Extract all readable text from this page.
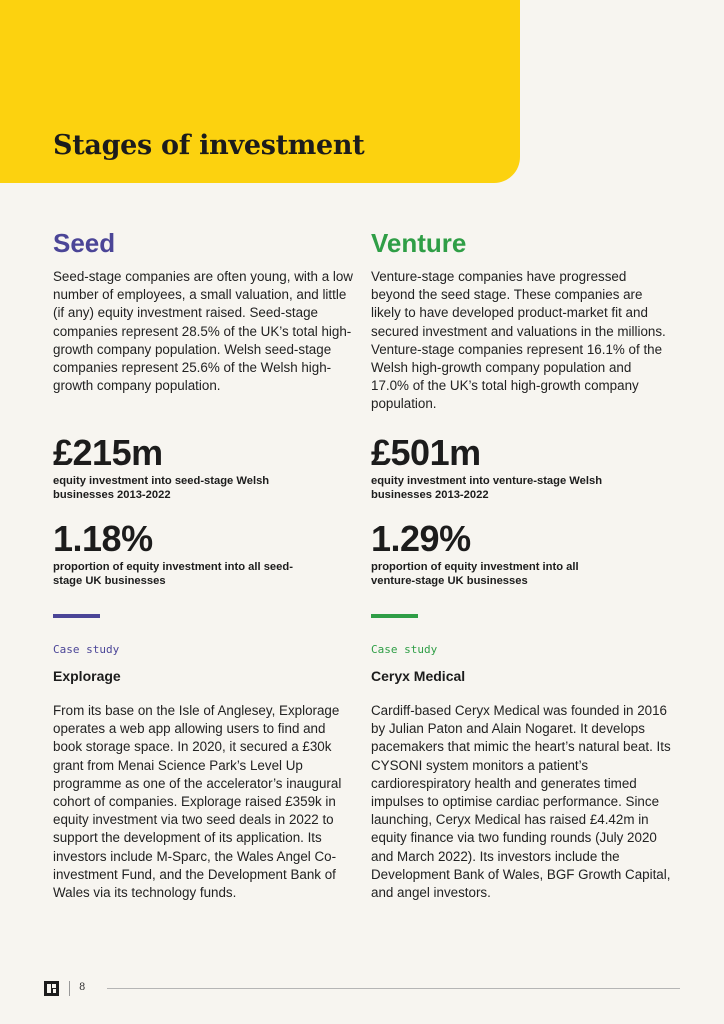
Stages of investment
Seed

Seed-stage companies are often young, with a low number of employees, a small valuation, and little (if any) equity investment raised. Seed-stage companies represent 28.5% of the UK’s total high-growth company population. Welsh seed-stage companies represent 25.6% of the Welsh high-growth company population.

£215m
equity investment into seed-stage Welsh businesses 2013-2022
1.18%
proportion of equity investment into all seed-stage UK businesses
Case study
Explorage

From its base on the Isle of Anglesey, Explorage operates a web app allowing users to find and book storage space. In 2020, it secured a £30k grant from Menai Science Park’s Level Up programme as one of the accelerator’s inaugural cohort of companies. Explorage raised £359k in equity investment via two seed deals in 2022 to support the development of its application. Its investors include M-Sparc, the Wales Angel Co-investment Fund, and the Development Bank of Wales via its technology funds.

Venture

Venture-stage companies have progressed beyond the seed stage. These companies are likely to have developed product-market fit and secured investment and valuations in the millions. Venture-stage companies represent 16.1% of the Welsh high-growth company population and 17.0% of the UK’s total high-growth company population.

£501m
equity investment into venture-stage Welsh businesses 2013-2022
1.29%
proportion of equity investment into all venture-stage UK businesses
Case study
Ceryx Medical

Cardiff-based Ceryx Medical was founded in 2016 by Julian Paton and Alain Nogaret. It develops pacemakers that mimic the heart’s natural beat. Its CYSONI system monitors a patient’s cardiorespiratory health and generates timed impulses to optimise cardiac performance. Since launching, Ceryx Medical has raised £4.42m in equity finance via two funding rounds (July 2020 and March 2022). Its investors include the Development Bank of Wales, BGF Growth Capital, and angel investors.

8
